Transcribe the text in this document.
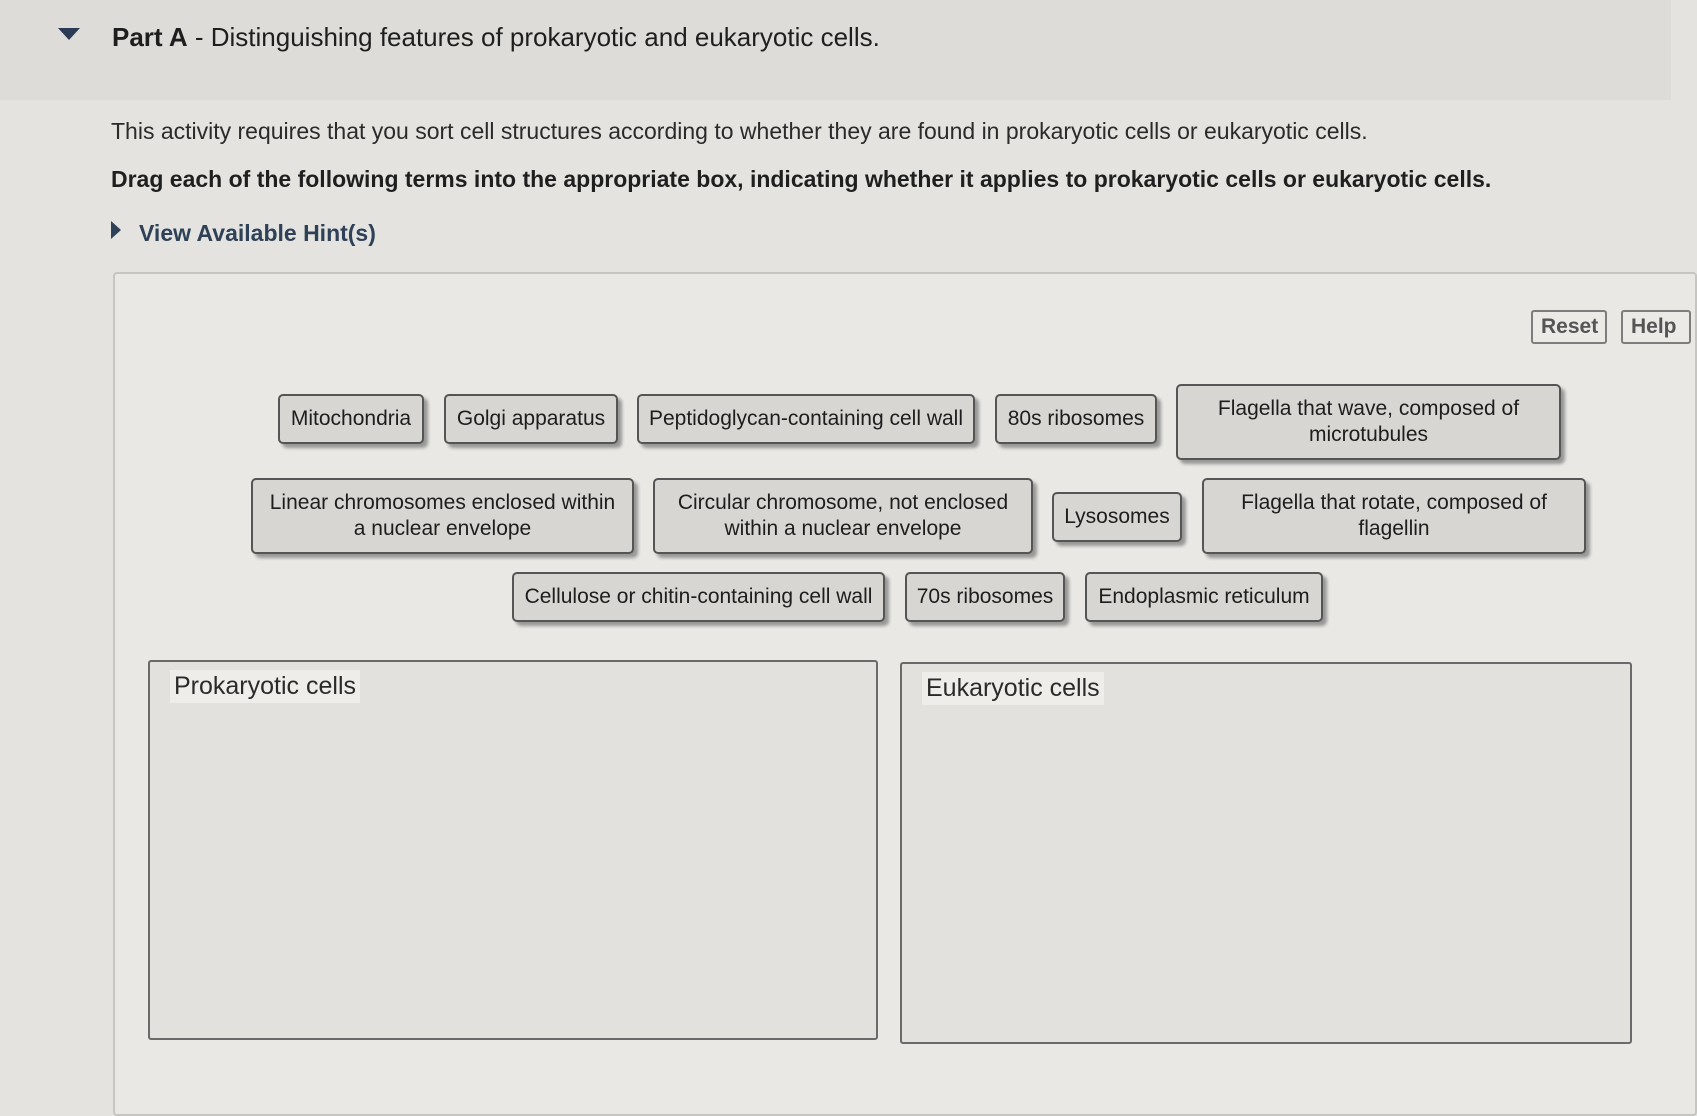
Part A - Distinguishing features of prokaryotic and eukaryotic cells.
This activity requires that you sort cell structures according to whether they are found in prokaryotic cells or eukaryotic cells.
Drag each of the following terms into the appropriate box, indicating whether it applies to prokaryotic cells or eukaryotic cells.
View Available Hint(s)
Reset	Help
Mitochondria	Golgi apparatus	Peptidoglycan-containing cell wall	80s ribosomes	Flagella that wave, composed of microtubules
Linear chromosomes enclosed within a nuclear envelope
Circular chromosome, not enclosed within a nuclear envelope
Lysosomes
Flagella that rotate, composed of flagellin
Cellulose or chitin-containing cell wall	70s ribosomes	Endoplasmic reticulum
Prokaryotic cells	Eukaryotic cells
